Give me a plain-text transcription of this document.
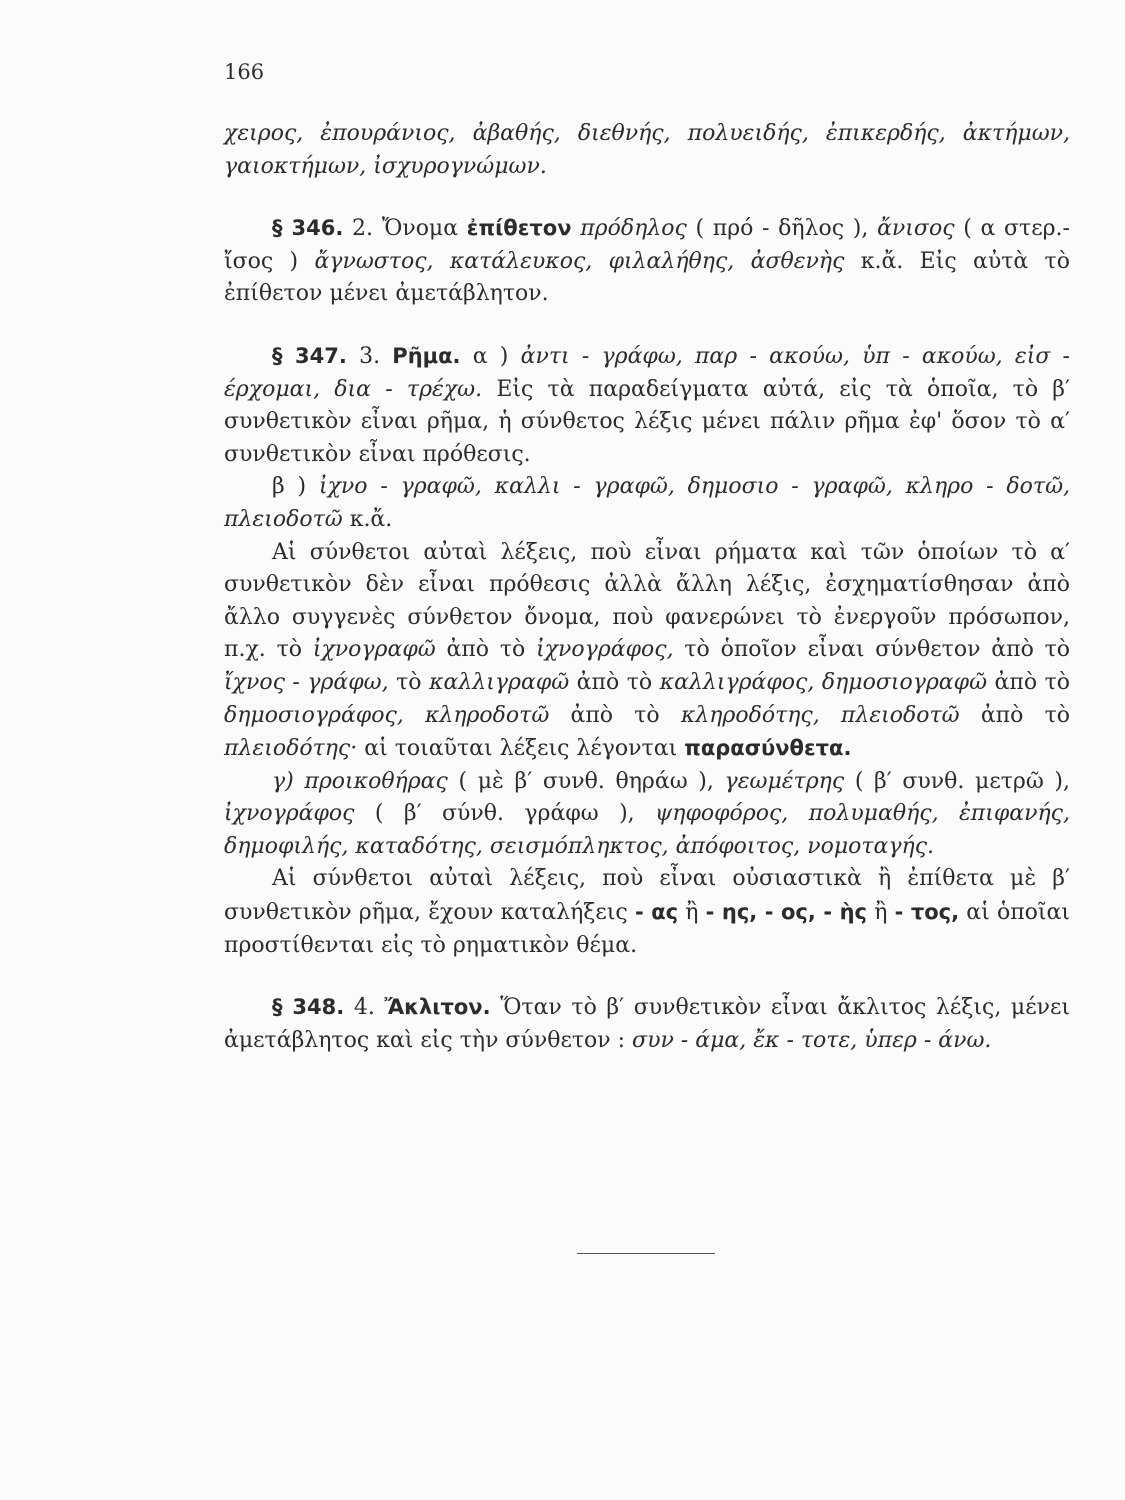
166

χειρος, ἐπουράνιος, ἀβαθής, διεθνής, πολυειδής, ἐπικερδής, ἀκτήμων, γαιοκτήμων, ἰσχυρογνώμων.

§ 346. 2. Ὄνομα ἐπίθετον πρόδηλος ( πρό - δῆλος ), ἄνισος ( α στερ.- ἴσος ) ἄγνωστος, κατάλευκος, φιλαλήθης, ἀσθενὴς κ.ἄ. Εἰς αὐτὰ τὸ ἐπίθετον μένει ἀμετάβλητον.

§ 347. 3. Ρῆμα. α ) ἀντι - γράφω, παρ - ακούω, ὑπ - ακούω, εἰσ - έρχομαι, δια - τρέχω. Εἰς τὰ παραδείγματα αὐτά, εἰς τὰ ὁποῖα, τὸ β′ συνθετικὸν εἶναι ρῆμα, ἡ σύνθετος λέξις μένει πάλιν ρῆμα ἐφ' ὅσον τὸ α′ συνθετικὸν εἶναι πρόθεσις.

β ) ἰχνο - γραφῶ, καλλι - γραφῶ, δημοσιο - γραφῶ, κληρο - δοτῶ, πλειοδοτῶ κ.ἄ.

Αἱ σύνθετοι αὐταὶ λέξεις, ποὺ εἶναι ρήματα καὶ τῶν ὁποίων τὸ α′ συνθετικὸν δὲν εἶναι πρόθεσις ἀλλὰ ἄλλη λέξις, ἐσχηματίσθησαν ἀπὸ ἄλλο συγγενὲς σύνθετον ὄνομα, ποὺ φανερώνει τὸ ἐνεργοῦν πρόσωπον, π.χ. τὸ ἰχνογραφῶ ἀπὸ τὸ ἰχνογράφος, τὸ ὁποῖον εἶναι σύνθετον ἀπὸ τὸ ἴχνος - γράφω, τὸ καλλιγραφῶ ἀπὸ τὸ καλλιγράφος, δημοσιογραφῶ ἀπὸ τὸ δημοσιογράφος, κληροδοτῶ ἀπὸ τὸ κληροδότης, πλειοδοτῶ ἀπὸ τὸ πλειοδότης· αἱ τοιαῦται λέξεις λέγονται παρασύνθετα.

γ) προικοθήρας ( μὲ β′ συνθ. θηράω ), γεωμέτρης ( β′ συνθ. μετρῶ ), ἰχνογράφος ( β′ σύνθ. γράφω ), ψηφοφόρος, πολυμαθής, ἐπιφανής, δημοφιλής, καταδότης, σεισμόπληκτος, ἀπόφοιτος, νομοταγής.

Αἱ σύνθετοι αὐταὶ λέξεις, ποὺ εἶναι οὐσιαστικὰ ἢ ἐπίθετα μὲ β′ συνθετικὸν ρῆμα, ἔχουν καταλήξεις - ας ἢ - ης, - ος, - ὴς ἢ - τος, αἱ ὁποῖαι προστίθενται εἰς τὸ ρηματικὸν θέμα.

§ 348. 4. Ἄκλιτον. Ὅταν τὸ β′ συνθετικὸν εἶναι ἄκλιτος λέξις, μένει ἀμετάβλητος καὶ εἰς τὴν σύνθετον : συν - άμα, ἔκ - τοτε, ὑπερ - άνω.
